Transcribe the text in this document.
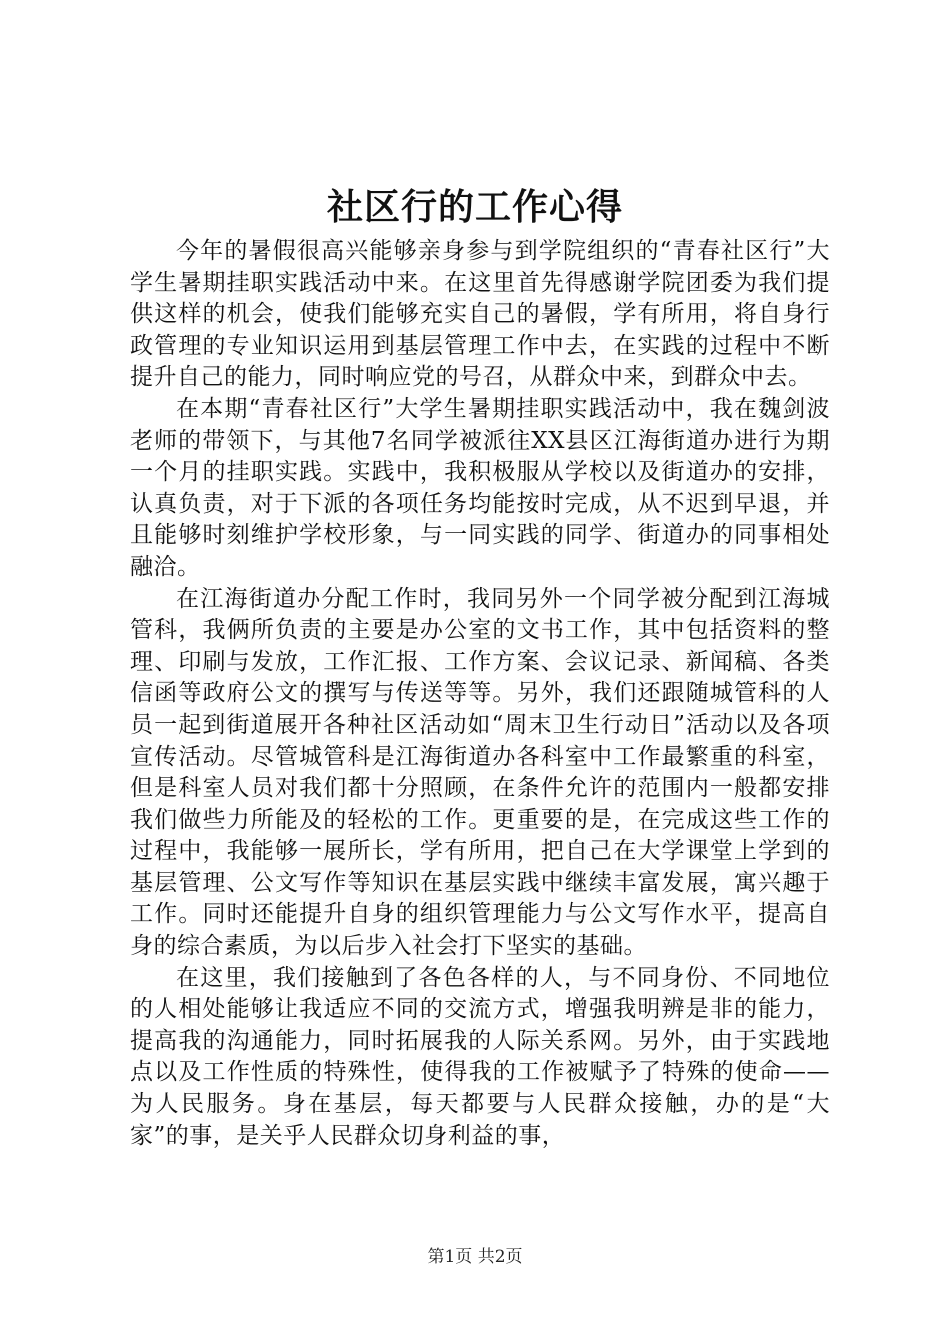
社区行的工作心得

今年的暑假很高兴能够亲身参与到学院组织的“青春社区行”大学生暑期挂职实践活动中来。在这里首先得感谢学院团委为我们提供这样的机会，使我们能够充实自己的暑假，学有所用，将自身行政管理的专业知识运用到基层管理工作中去，在实践的过程中不断提升自己的能力，同时响应党的号召，从群众中来，到群众中去。

在本期“青春社区行”大学生暑期挂职实践活动中，我在魏剑波老师的带领下，与其他7名同学被派往XX县区江海街道办进行为期一个月的挂职实践。实践中，我积极服从学校以及街道办的安排，认真负责，对于下派的各项任务均能按时完成，从不迟到早退，并且能够时刻维护学校形象，与一同实践的同学、街道办的同事相处融洽。

在江海街道办分配工作时，我同另外一个同学被分配到江海城管科，我俩所负责的主要是办公室的文书工作，其中包括资料的整理、印刷与发放，工作汇报、工作方案、会议记录、新闻稿、各类信函等政府公文的撰写与传送等等。另外，我们还跟随城管科的人员一起到街道展开各种社区活动如“周末卫生行动日”活动以及各项宣传活动。尽管城管科是江海街道办各科室中工作最繁重的科室，但是科室人员对我们都十分照顾，在条件允许的范围内一般都安排我们做些力所能及的轻松的工作。更重要的是，在完成这些工作的过程中，我能够一展所长，学有所用，把自己在大学课堂上学到的基层管理、公文写作等知识在基层实践中继续丰富发展，寓兴趣于工作。同时还能提升自身的组织管理能力与公文写作水平，提高自身的综合素质，为以后步入社会打下坚实的基础。

在这里，我们接触到了各色各样的人，与不同身份、不同地位的人相处能够让我适应不同的交流方式，增强我明辨是非的能力，提高我的沟通能力，同时拓展我的人际关系网。另外，由于实践地点以及工作性质的特殊性，使得我的工作被赋予了特殊的使命——为人民服务。身在基层，每天都要与人民群众接触，办的是“大家”的事，是关乎人民群众切身利益的事，

第1页 共2页
